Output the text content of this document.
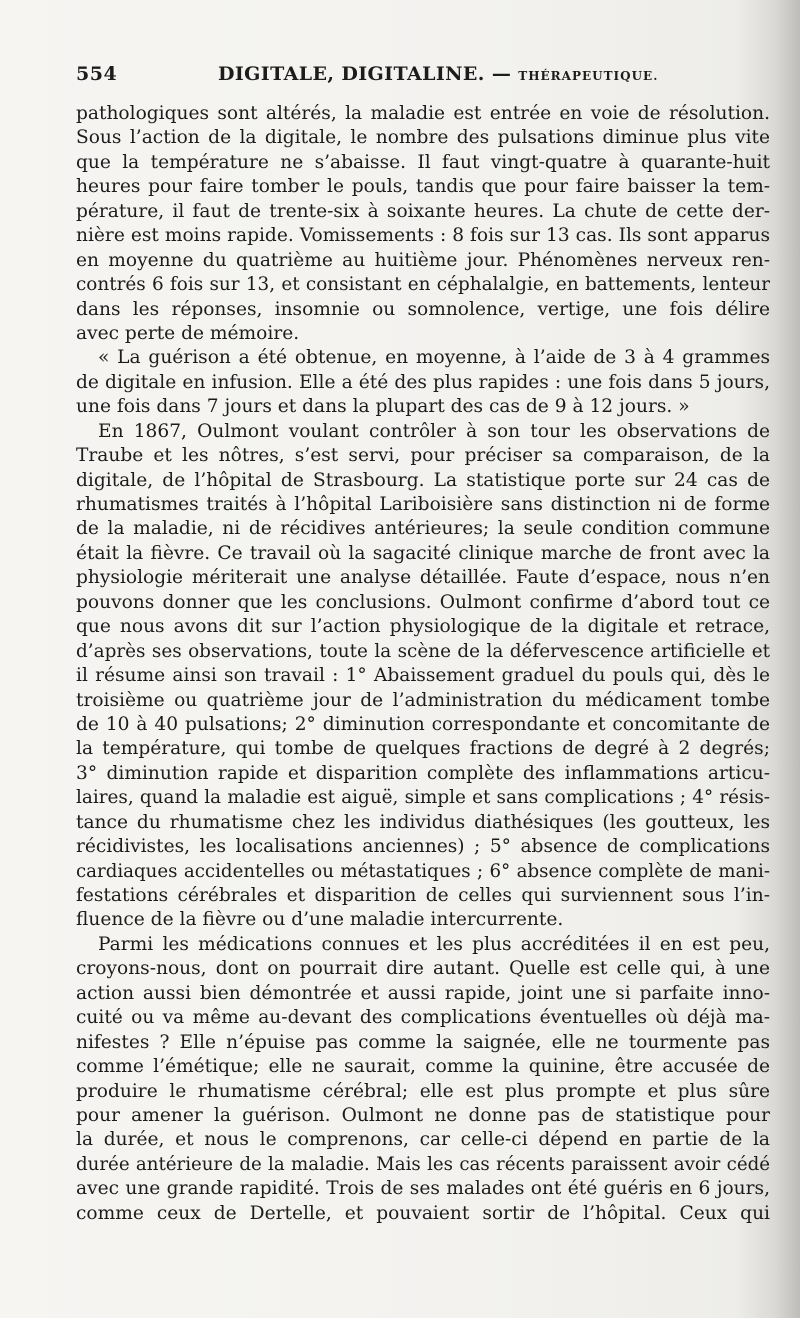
554	DIGITALE, DIGITALINE. — THÉRAPEUTIQUE.
pathologiques sont altérés, la maladie est entrée en voie de résolution.
Sous l’action de la digitale, le nombre des pulsations diminue plus vite
que la température ne s’abaisse. Il faut vingt-quatre à quarante-huit
heures pour faire tomber le pouls, tandis que pour faire baisser la tem-
pérature, il faut de trente-six à soixante heures. La chute de cette der-
nière est moins rapide. Vomissements : 8 fois sur 13 cas. Ils sont apparus
en moyenne du quatrième au huitième jour. Phénomènes nerveux ren-
contrés 6 fois sur 13, et consistant en céphalalgie, en battements, lenteur
dans les réponses, insomnie ou somnolence, vertige, une fois délire
avec perte de mémoire.
« La guérison a été obtenue, en moyenne, à l’aide de 3 à 4 grammes
de digitale en infusion. Elle a été des plus rapides : une fois dans 5 jours,
une fois dans 7 jours et dans la plupart des cas de 9 à 12 jours. »
En 1867, Oulmont voulant contrôler à son tour les observations de
Traube et les nôtres, s’est servi, pour préciser sa comparaison, de la
digitale, de l’hôpital de Strasbourg. La statistique porte sur 24 cas de
rhumatismes traités à l’hôpital Lariboisière sans distinction ni de forme
de la maladie, ni de récidives antérieures; la seule condition commune
était la fièvre. Ce travail où la sagacité clinique marche de front avec la
physiologie mériterait une analyse détaillée. Faute d’espace, nous n’en
pouvons donner que les conclusions. Oulmont confirme d’abord tout ce
que nous avons dit sur l’action physiologique de la digitale et retrace,
d’après ses observations, toute la scène de la défervescence artificielle et
il résume ainsi son travail : 1° Abaissement graduel du pouls qui, dès le
troisième ou quatrième jour de l’administration du médicament tombe
de 10 à 40 pulsations; 2° diminution correspondante et concomitante de
la température, qui tombe de quelques fractions de degré à 2 degrés;
3° diminution rapide et disparition complète des inflammations articu-
laires, quand la maladie est aiguë, simple et sans complications ; 4° résis-
tance du rhumatisme chez les individus diathésiques (les goutteux, les
récidivistes, les localisations anciennes) ; 5° absence de complications
cardiaques accidentelles ou métastatiques ; 6° absence complète de mani-
festations cérébrales et disparition de celles qui surviennent sous l’in-
fluence de la fièvre ou d’une maladie intercurrente.
Parmi les médications connues et les plus accréditées il en est peu,
croyons-nous, dont on pourrait dire autant. Quelle est celle qui, à une
action aussi bien démontrée et aussi rapide, joint une si parfaite inno-
cuité ou va même au-devant des complications éventuelles où déjà ma-
nifestes ? Elle n’épuise pas comme la saignée, elle ne tourmente pas
comme l’émétique; elle ne saurait, comme la quinine, être accusée de
produire le rhumatisme cérébral; elle est plus prompte et plus sûre
pour amener la guérison. Oulmont ne donne pas de statistique pour
la durée, et nous le comprenons, car celle-ci dépend en partie de la
durée antérieure de la maladie. Mais les cas récents paraissent avoir cédé
avec une grande rapidité. Trois de ses malades ont été guéris en 6 jours,
comme ceux de Dertelle, et pouvaient sortir de l’hôpital. Ceux qui
